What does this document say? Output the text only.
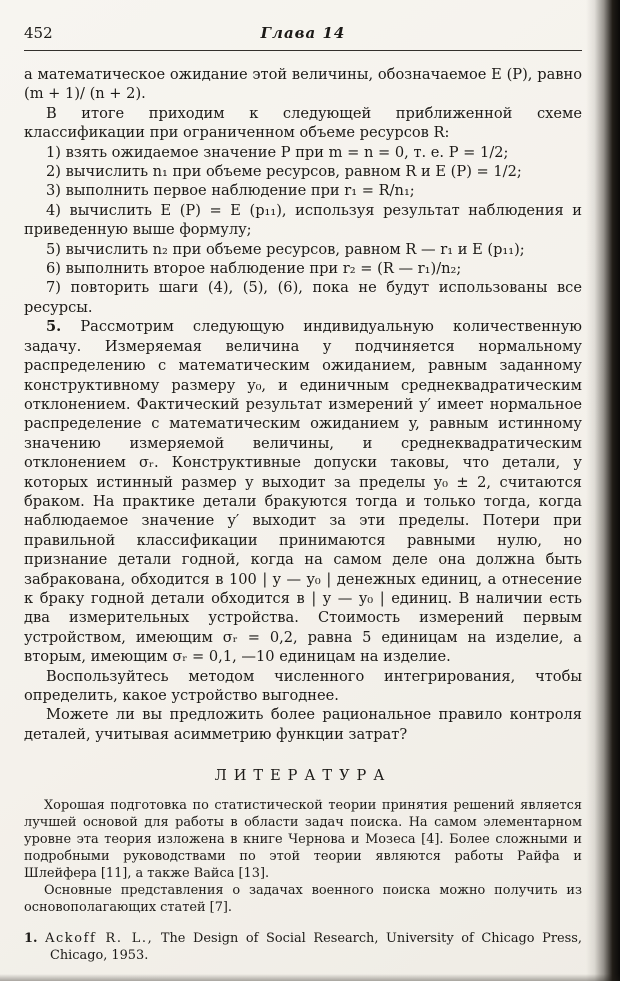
452	Глава 14

а математическое ожидание этой величины, обозначаемое E (P), равно (m + 1)/ (n + 2).

В итоге приходим к следующей приближенной схеме классификации при ограниченном объеме ресурсов R:

1) взять ожидаемое значение P при m = n = 0, т. е. P = 1/2;

2) вычислить n₁ при объеме ресурсов, равном R и E (P) = 1/2;

3) выполнить первое наблюдение при r₁ = R/n₁;

4) вычислить E (P) = E (p₁₁), используя результат наблюдения и приведенную выше формулу;

5) вычислить n₂ при объеме ресурсов, равном R — r₁ и E (p₁₁);

6) выполнить второе наблюдение при r₂ = (R — r₁)/n₂;

7) повторить шаги (4), (5), (6), пока не будут использованы все ресурсы.

5. Рассмотрим следующую индивидуальную количественную задачу. Измеряемая величина y подчиняется нормальному распределению с математическим ожиданием, равным заданному конструктивному размеру y₀, и единичным среднеквадратическим отклонением. Фактический результат измерений y′ имеет нормальное распределение с математическим ожиданием y, равным истинному значению измеряемой величины, и среднеквадратическим отклонением σᵣ. Конструктивные допуски таковы, что детали, у которых истинный размер y выходит за пределы y₀ ± 2, считаются браком. На практике детали бракуются тогда и только тогда, когда наблюдаемое значение y′ выходит за эти пределы. Потери при правильной классификации принимаются равными нулю, но признание детали годной, когда на самом деле она должна быть забракована, обходится в 100 | y — y₀ | денежных единиц, а отнесение к браку годной детали обходится в | y — y₀ | единиц. В наличии есть два измерительных устройства. Стоимость измерений первым устройством, имеющим σᵣ = 0,2, равна 5 единицам на изделие, а вторым, имеющим σᵣ = 0,1, —10 единицам на изделие.

Воспользуйтесь методом численного интегрирования, чтобы определить, какое устройство выгоднее.

Можете ли вы предложить более рациональное правило контроля деталей, учитывая асимметрию функции затрат?

ЛИТЕРАТУРА

Хорошая подготовка по статистической теории принятия решений является лучшей основой для работы в области задач поиска. На самом элементарном уровне эта теория изложена в книге Чернова и Мозеса [4]. Более сложными и подробными руководствами по этой теории являются работы Райфа и Шлейфера [11], а также Вайса [13].

Основные представления о задачах военного поиска можно получить из основополагающих статей [7].

1. Ackoff R. L., The Design of Social Research, University of Chicago Press, Chicago, 1953.
